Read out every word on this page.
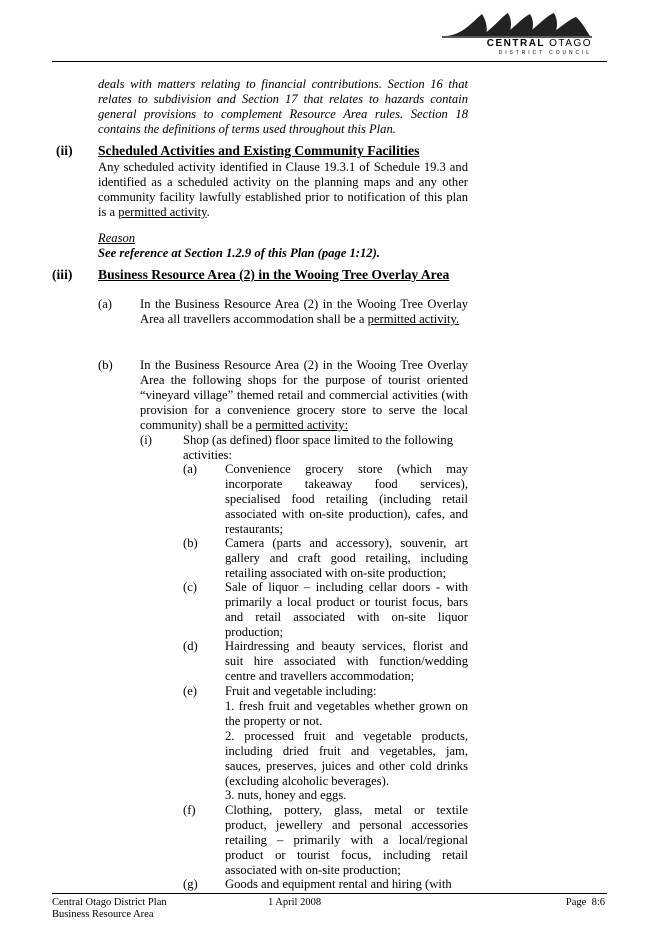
CENTRAL OTAGO
DISTRICT COUNCIL
deals with matters relating to financial contributions. Section 16 that relates to subdivision and Section 17 that relates to hazards contain general provisions to complement Resource Area rules. Section 18 contains the definitions of terms used throughout this Plan.
(ii) Scheduled Activities and Existing Community Facilities
Any scheduled activity identified in Clause 19.3.1 of Schedule 19.3 and identified as a scheduled activity on the planning maps and any other community facility lawfully established prior to notification of this plan is a permitted activity.
Reason
See reference at Section 1.2.9 of this Plan (page 1:12).
(iii) Business Resource Area (2) in the Wooing Tree Overlay Area
(a) In the Business Resource Area (2) in the Wooing Tree Overlay Area all travellers accommodation shall be a permitted activity.
(b) In the Business Resource Area (2) in the Wooing Tree Overlay Area the following shops for the purpose of tourist oriented “vineyard village” themed retail and commercial activities (with provision for a convenience grocery store to serve the local community) shall be a permitted activity:
(i) Shop (as defined) floor space limited to the following activities:
(a) Convenience grocery store (which may incorporate takeaway food services), specialised food retailing (including retail associated with on-site production), cafes, and restaurants;
(b) Camera (parts and accessory), souvenir, art gallery and craft good retailing, including retailing associated with on-site production;
(c) Sale of liquor – including cellar doors - with primarily a local product or tourist focus, bars and retail associated with on-site liquor production;
(d) Hairdressing and beauty services, florist and suit hire associated with function/wedding centre and travellers accommodation;
(e) Fruit and vegetable including:
1. fresh fruit and vegetables whether grown on the property or not.
2. processed fruit and vegetable products, including dried fruit and vegetables, jam, sauces, preserves, juices and other cold drinks (excluding alcoholic beverages).
3. nuts, honey and eggs.
(f) Clothing, pottery, glass, metal or textile product, jewellery and personal accessories retailing – primarily with a local/regional product or tourist focus, including retail associated with on-site production;
(g) Goods and equipment rental and hiring (with
Central Otago District Plan
Business Resource Area
1 April 2008	Page  8:6
